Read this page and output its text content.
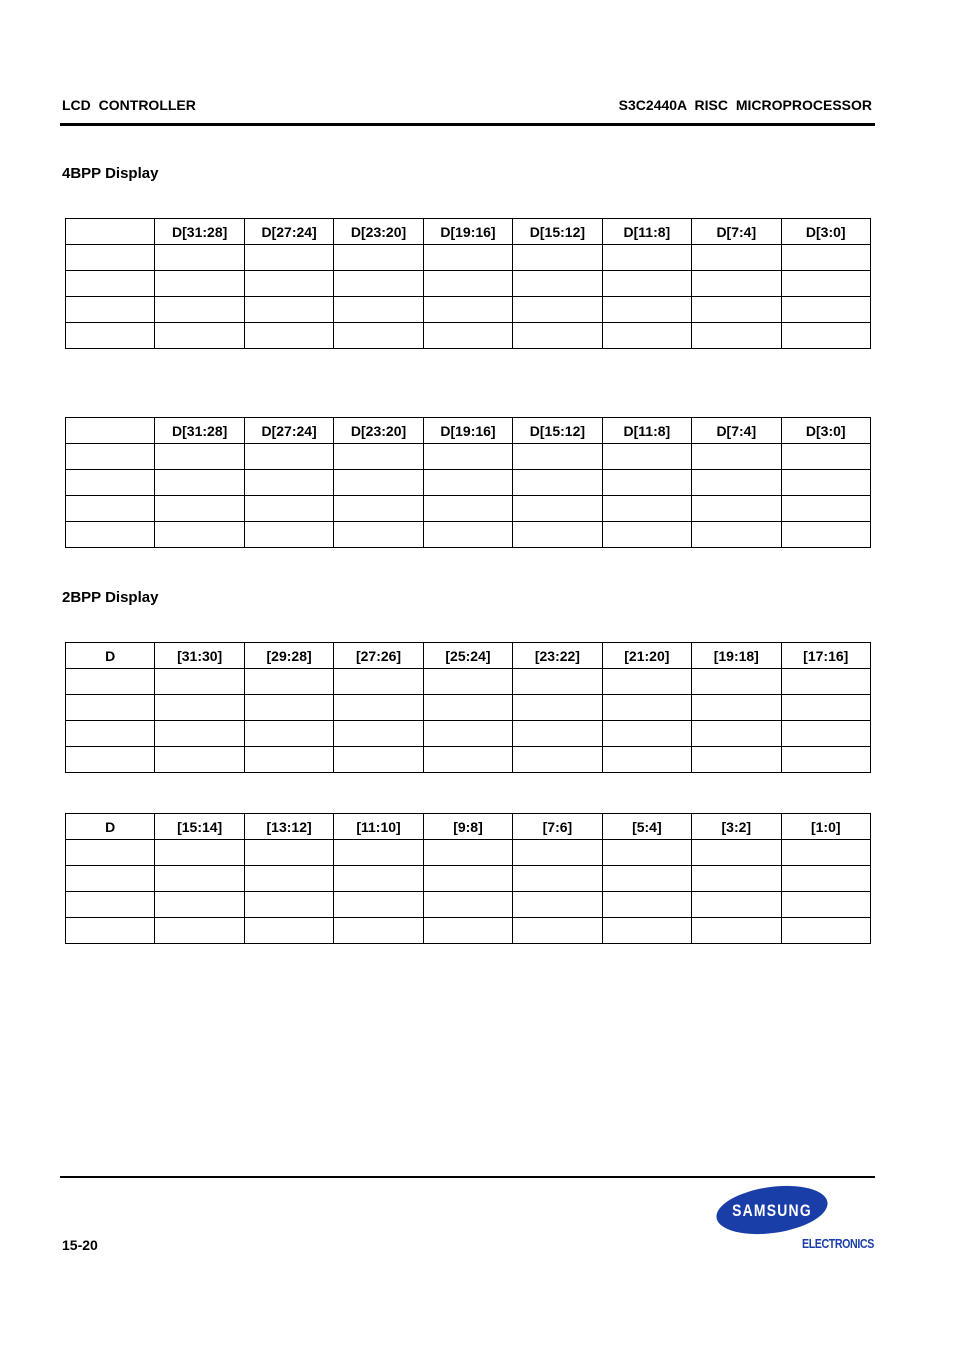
LCD CONTROLLER	S3C2440A RISC MICROPROCESSOR
4BPP Display
	D[31:28]	D[27:24]	D[23:20]	D[19:16]	D[15:12]	D[11:8]	D[7:4]	D[3:0]

	D[31:28]	D[27:24]	D[23:20]	D[19:16]	D[15:12]	D[11:8]	D[7:4]	D[3:0]

2BPP Display
D	[31:30]	[29:28]	[27:26]	[25:24]	[23:22]	[21:20]	[19:18]	[17:16]

D	[15:14]	[13:12]	[11:10]	[9:8]	[7:6]	[5:4]	[3:2]	[1:0]

15-20
SAMSUNG
ELECTRONICS
